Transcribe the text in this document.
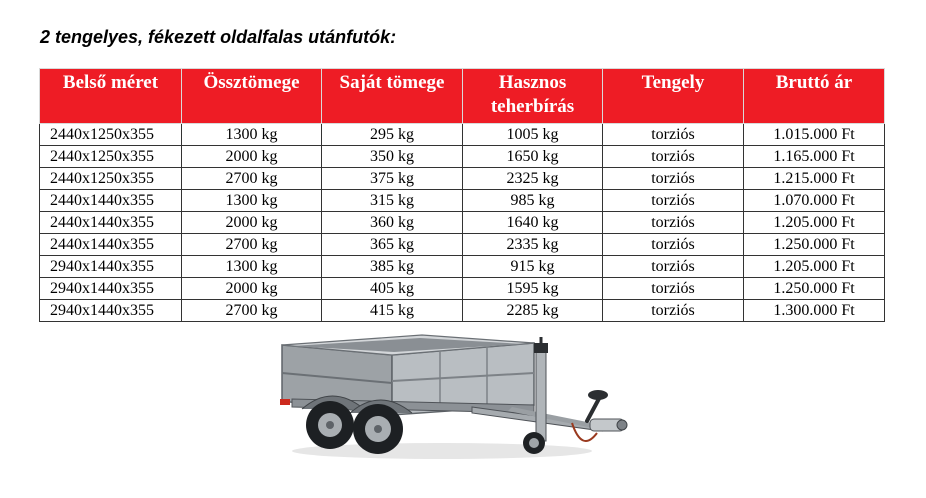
2 tengelyes, fékezett oldalfalas utánfutók:
Belső méret	Össztömege	Saját tömege	Hasznos teherbírás	Tengely	Bruttó ár
2440x1250x355	1300 kg	295 kg	1005 kg	torziós	1.015.000 Ft
2440x1250x355	2000 kg	350 kg	1650 kg	torziós	1.165.000 Ft
2440x1250x355	2700 kg	375 kg	2325 kg	torziós	1.215.000 Ft
2440x1440x355	1300 kg	315 kg	985 kg	torziós	1.070.000 Ft
2440x1440x355	2000 kg	360 kg	1640 kg	torziós	1.205.000 Ft
2440x1440x355	2700 kg	365 kg	2335 kg	torziós	1.250.000 Ft
2940x1440x355	1300 kg	385 kg	915 kg	torziós	1.205.000 Ft
2940x1440x355	2000 kg	405 kg	1595 kg	torziós	1.250.000 Ft
2940x1440x355	2700 kg	415 kg	2285 kg	torziós	1.300.000 Ft
